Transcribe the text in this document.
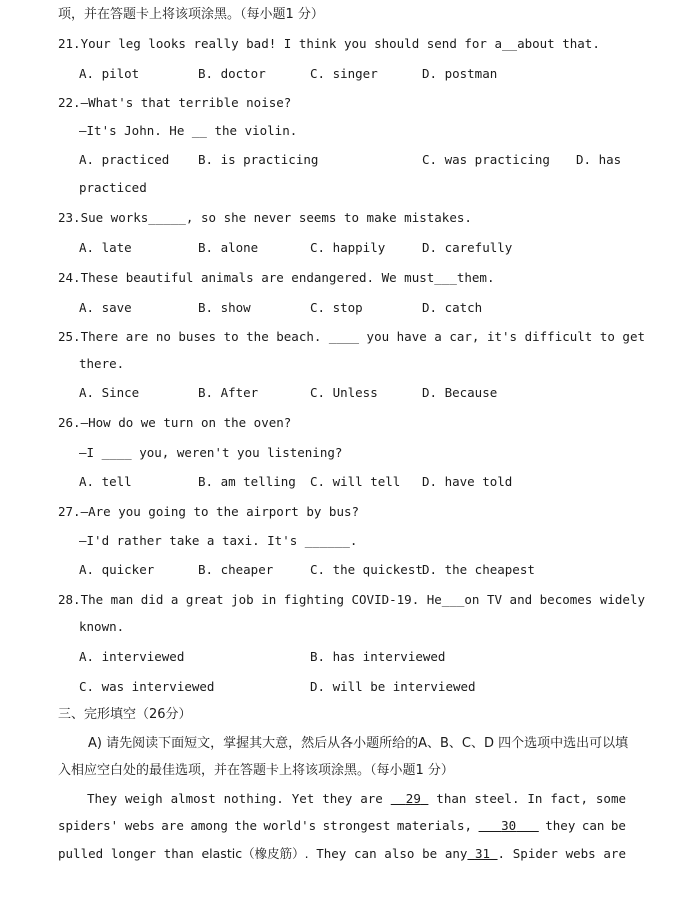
项，并在答题卡上将该项涂黑。（每小题1 分）
21.Your leg looks really bad! I think you should send for a__about that.
A. pilot	B. doctor	C. singer	D. postman
22.—What's that terrible noise?
—It's John. He __ the violin.
A. practiced B. is practicing	C. was practicing D. has
practiced
23.Sue works_____, so she never seems to make mistakes.
A. late	B. alone	C. happily	D. carefully
24.These beautiful animals are endangered. We must___them.
A. save	B. show	C. stop	D. catch
25.There are no buses to the beach. ____ you have a car, it's difficult to get
there.
A. Since	B. After	C. Unless	D. Because
26.—How do we turn on the oven?
—I ____ you, weren't you listening?
A. tell	B. am telling C. will tell D. have told
27.—Are you going to the airport by bus?
—I'd rather take a taxi. It's ______.
A. quicker	B. cheaper	C. the quickest D. the cheapest
28.The man did a great job in fighting COVID-19. He___on TV and becomes widely
known.
A. interviewed	B. has interviewed
C. was interviewed	D. will be interviewed
三、完形填空（26分）
A) 请先阅读下面短文，掌握其大意，然后从各小题所给的A、B、C、D 四个选项中选出可以填
入相应空白处的最佳选项，并在答题卡上将该项涂黑。（每小题1 分）
They weigh almost nothing. Yet they are	29	than steel. In fact, some
spiders' webs are among the world's strongest materials,	30	they can be
pulled longer than elastic（橡皮筋）. They can also be any 31 . Spider webs are
